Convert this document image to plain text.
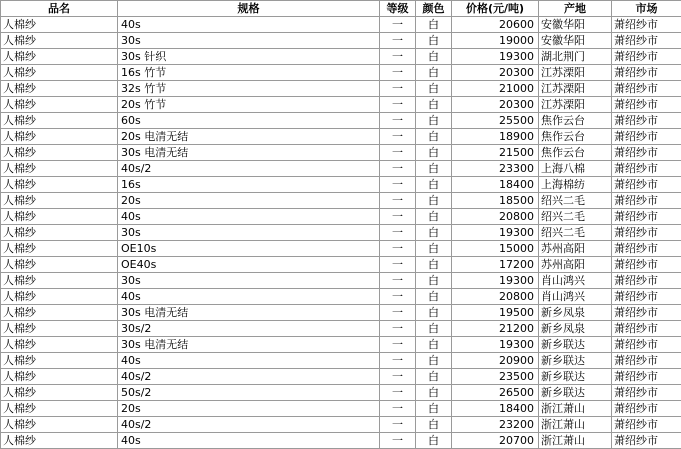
品名	规格	等级	颜色	价格(元/吨)	产地	市场
人棉纱	40s	一	白	20600	安徽华阳	萧绍纱市
人棉纱	30s	一	白	19000	安徽华阳	萧绍纱市
人棉纱	30s 针织	一	白	19300	湖北荆门	萧绍纱市
人棉纱	16s 竹节	一	白	20300	江苏溧阳	萧绍纱市
人棉纱	32s 竹节	一	白	21000	江苏溧阳	萧绍纱市
人棉纱	20s 竹节	一	白	20300	江苏溧阳	萧绍纱市
人棉纱	60s	一	白	25500	焦作云台	萧绍纱市
人棉纱	20s 电清无结	一	白	18900	焦作云台	萧绍纱市
人棉纱	30s 电清无结	一	白	21500	焦作云台	萧绍纱市
人棉纱	40s/2	一	白	23300	上海八棉	萧绍纱市
人棉纱	16s	一	白	18400	上海棉纺	萧绍纱市
人棉纱	20s	一	白	18500	绍兴二毛	萧绍纱市
人棉纱	40s	一	白	20800	绍兴二毛	萧绍纱市
人棉纱	30s	一	白	19300	绍兴二毛	萧绍纱市
人棉纱	OE10s	一	白	15000	苏州高阳	萧绍纱市
人棉纱	OE40s	一	白	17200	苏州高阳	萧绍纱市
人棉纱	30s	一	白	19300	肖山鸿兴	萧绍纱市
人棉纱	40s	一	白	20800	肖山鸿兴	萧绍纱市
人棉纱	30s 电清无结	一	白	19500	新乡凤泉	萧绍纱市
人棉纱	30s/2	一	白	21200	新乡凤泉	萧绍纱市
人棉纱	30s 电清无结	一	白	19300	新乡联达	萧绍纱市
人棉纱	40s	一	白	20900	新乡联达	萧绍纱市
人棉纱	40s/2	一	白	23500	新乡联达	萧绍纱市
人棉纱	50s/2	一	白	26500	新乡联达	萧绍纱市
人棉纱	20s	一	白	18400	浙江萧山	萧绍纱市
人棉纱	40s/2	一	白	23200	浙江萧山	萧绍纱市
人棉纱	40s	一	白	20700	浙江萧山	萧绍纱市
